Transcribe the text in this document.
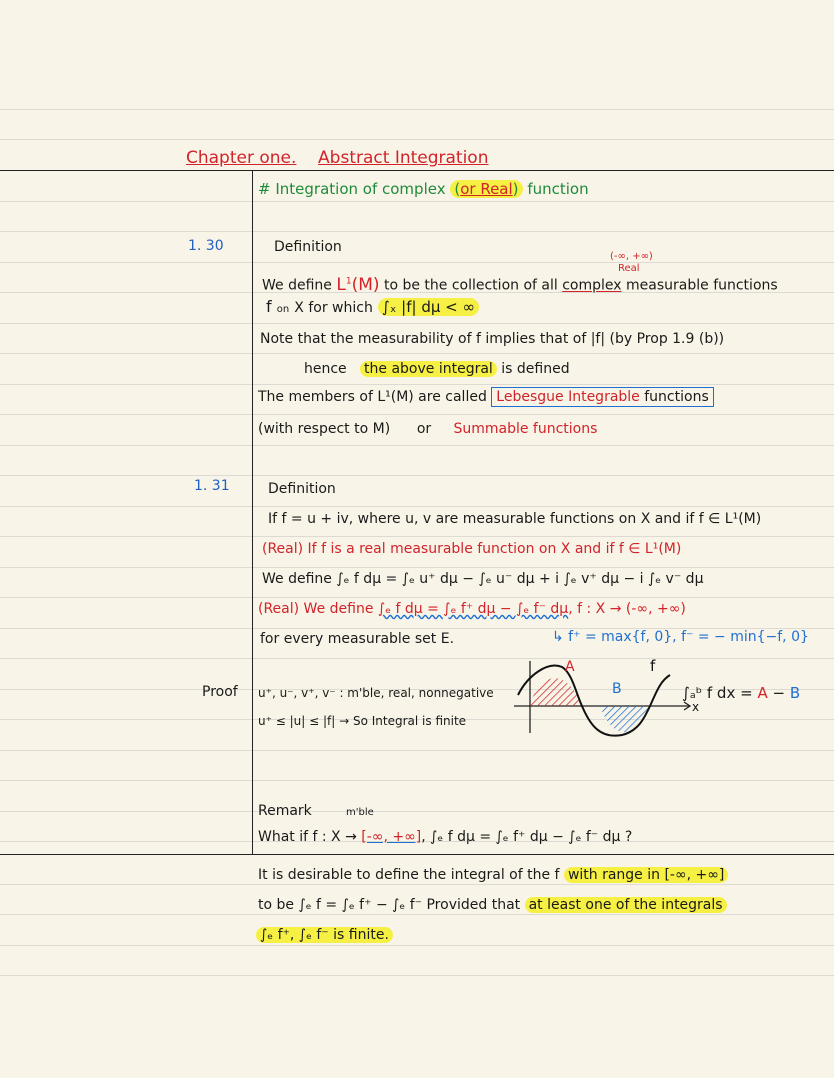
Chapter one. Abstract Integration
# Integration of complex (or Real) function
1. 30	Definition
(-∞, +∞)
Real
We define $L^1(M)$ to be the collection of all complex measurable functions
f on X for which ∫ₓ |f| dμ < ∞
Note that the measurability of f implies that of |f| (by Prop 1.9 (b))
hence the above integral is defined
The members of L¹(M) are called Lebesgue Integrable functions
(with respect to M) or Summable functions
1. 31	Definition
If f = u + iv, where u, v are measurable functions on X and if f ∈ L¹(M)
(Real) If f is a real measurable function on X and if f ∈ L¹(M)
We define ∫ₑ f dμ = ∫ₑ u⁺ dμ − ∫ₑ u⁻ dμ + i ∫ₑ v⁺ dμ − i ∫ₑ v⁻ dμ
(Real) We define ∫ₑ f dμ = ∫ₑ f⁺ dμ − ∫ₑ f⁻ dμ, f : X → (-∞, +∞)
for every measurable set E.	↳ f⁺ = max{f, 0}, f⁻ = − min{−f, 0}
Proof u⁺, u⁻, v⁺, v⁻ : m'ble, real, nonnegative
u⁺ ≤ |u| ≤ |f| → So Integral is finite
A
B
f
x
∫ₐᵇ f dx = A − B
Remark	m'ble
What if f : X → [-∞, +∞], ∫ₑ f dμ = ∫ₑ f⁺ dμ − ∫ₑ f⁻ dμ ?
It is desirable to define the integral of the f with range in [-∞, +∞]
to be ∫ₑ f = ∫ₑ f⁺ − ∫ₑ f⁻ Provided that at least one of the integrals
∫ₑ f⁺, ∫ₑ f⁻ is finite.
